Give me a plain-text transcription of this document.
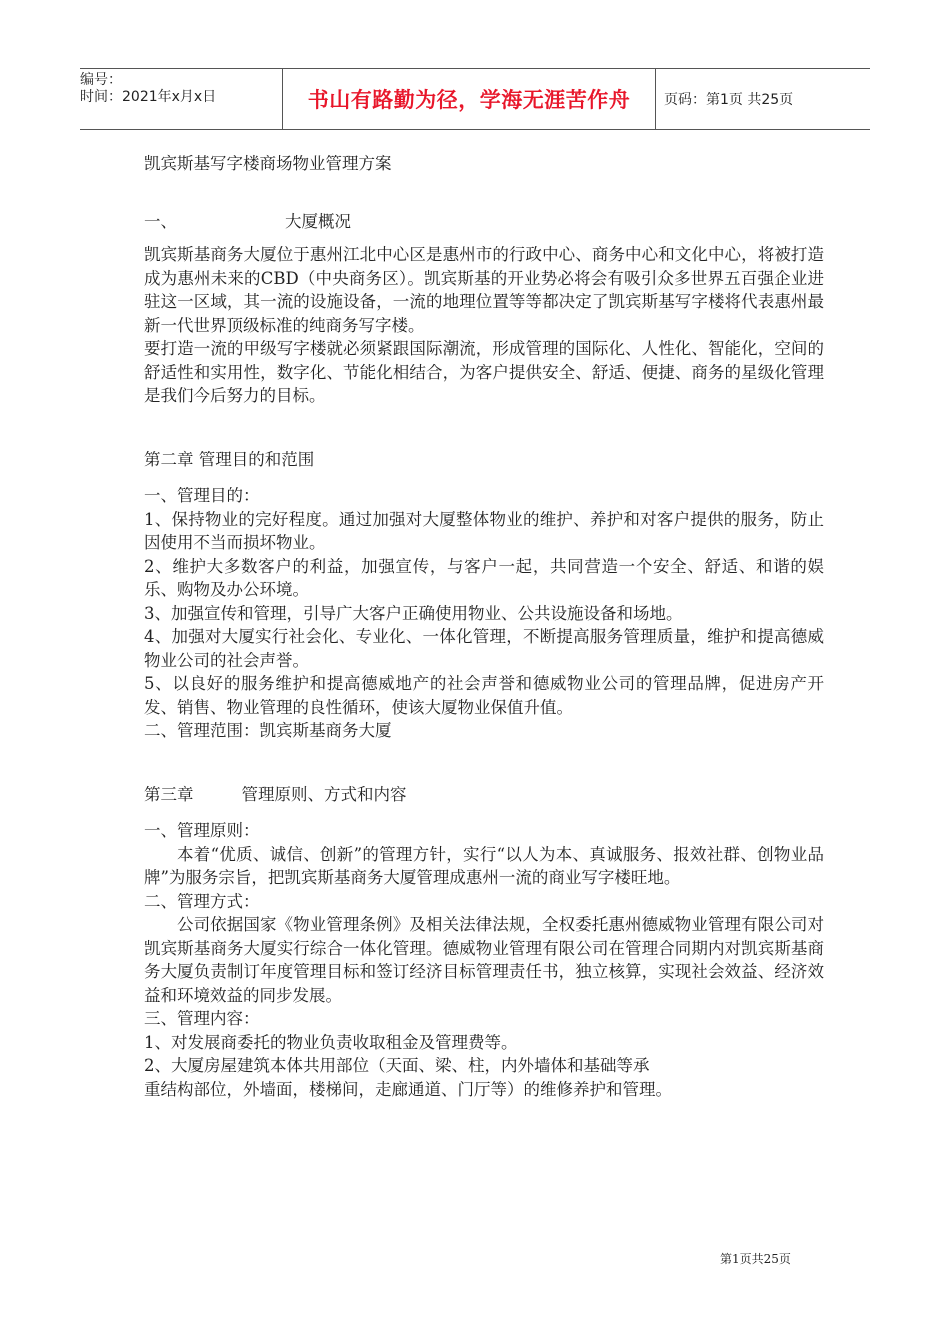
编号：
时间：2021年x月x日	书山有路勤为径，学海无涯苦作舟 页码：第1页 共25页
凯宾斯基写字楼商场物业管理方案
一、	大厦概况
凯宾斯基商务大厦位于惠州江北中心区是惠州市的行政中心、商务中心和文化中心，将被打造成为惠州未来的CBD（中央商务区）。凯宾斯基的开业势必将会有吸引众多世界五百强企业进驻这一区域，其一流的设施设备，一流的地理位置等等都决定了凯宾斯基写字楼将代表惠州最新一代世界顶级标准的纯商务写字楼。
要打造一流的甲级写字楼就必须紧跟国际潮流，形成管理的国际化、人性化、智能化，空间的舒适性和实用性，数字化、节能化相结合，为客户提供安全、舒适、便捷、商务的星级化管理是我们今后努力的目标。
第二章 管理目的和范围
一、管理目的：
1、保持物业的完好程度。通过加强对大厦整体物业的维护、养护和对客户提供的服务，防止因使用不当而损坏物业。
2、维护大多数客户的利益，加强宣传，与客户一起，共同营造一个安全、舒适、和谐的娱乐、购物及办公环境。
3、加强宣传和管理，引导广大客户正确使用物业、公共设施设备和场地。
4、加强对大厦实行社会化、专业化、一体化管理，不断提高服务管理质量，维护和提高德威物业公司的社会声誉。
5、以良好的服务维护和提高德威地产的社会声誉和德威物业公司的管理品牌，促进房产开发、销售、物业管理的良性循环，使该大厦物业保值升值。
二、管理范围：凯宾斯基商务大厦
第三章	管理原则、方式和内容
一、管理原则：
本着“优质、诚信、创新”的管理方针，实行“以人为本、真诚服务、报效社群、创物业品牌”为服务宗旨，把凯宾斯基商务大厦管理成惠州一流的商业写字楼旺地。
二、管理方式：
公司依据国家《物业管理条例》及相关法律法规，全权委托惠州德威物业管理有限公司对凯宾斯基商务大厦实行综合一体化管理。德威物业管理有限公司在管理合同期内对凯宾斯基商务大厦负责制订年度管理目标和签订经济目标管理责任书，独立核算，实现社会效益、经济效益和环境效益的同步发展。
三、管理内容：
1、对发展商委托的物业负责收取租金及管理费等。
2、大厦房屋建筑本体共用部位（天面、梁、柱，内外墙体和基础等承
重结构部位，外墙面，楼梯间，走廊通道、门厅等）的维修养护和管理。
第1页共25页
